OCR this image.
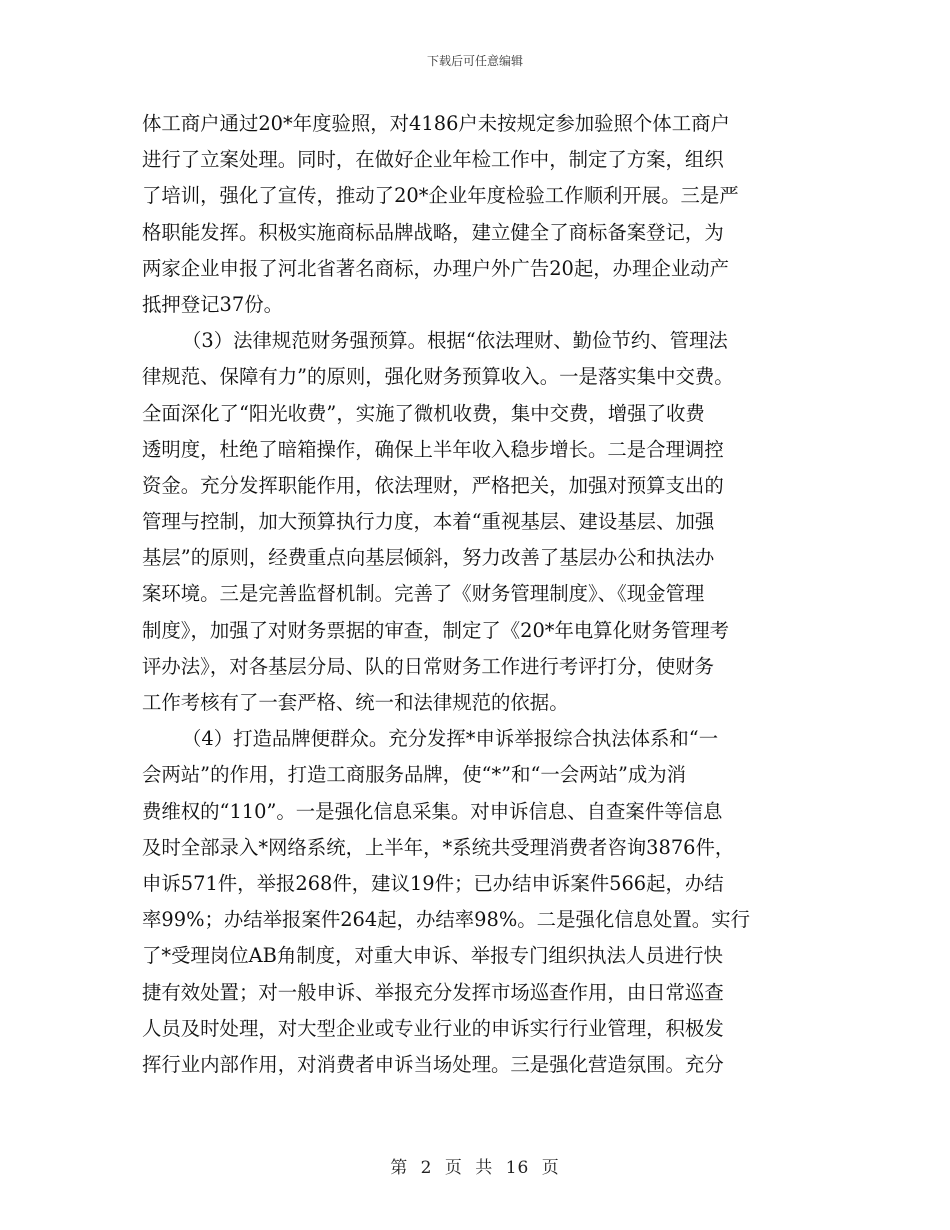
下载后可任意编辑
体工商户通过20*年度验照，对4186户未按规定参加验照个体工商户
进行了立案处理。同时，在做好企业年检工作中，制定了方案，组织
了培训，强化了宣传，推动了20*企业年度检验工作顺利开展。三是严
格职能发挥。积极实施商标品牌战略，建立健全了商标备案登记，为
两家企业申报了河北省著名商标，办理户外广告20起，办理企业动产
抵押登记37份。
（3）法律规范财务强预算。根据“依法理财、勤俭节约、管理法
律规范、保障有力”的原则，强化财务预算收入。一是落实集中交费。
全面深化了“阳光收费”，实施了微机收费，集中交费，增强了收费
透明度，杜绝了暗箱操作，确保上半年收入稳步增长。二是合理调控
资金。充分发挥职能作用，依法理财，严格把关，加强对预算支出的
管理与控制，加大预算执行力度，本着“重视基层、建设基层、加强
基层”的原则，经费重点向基层倾斜，努力改善了基层办公和执法办
案环境。三是完善监督机制。完善了《财务管理制度》、《现金管理
制度》，加强了对财务票据的审查，制定了《20*年电算化财务管理考
评办法》，对各基层分局、队的日常财务工作进行考评打分，使财务
工作考核有了一套严格、统一和法律规范的依据。
（4）打造品牌便群众。充分发挥*申诉举报综合执法体系和“一
会两站”的作用，打造工商服务品牌，使“*”和“一会两站”成为消
费维权的“110”。一是强化信息采集。对申诉信息、自查案件等信息
及时全部录入*网络系统，上半年，*系统共受理消费者咨询3876件，
申诉571件，举报268件，建议19件；已办结申诉案件566起，办结
率99%；办结举报案件264起，办结率98%。二是强化信息处置。实行
了*受理岗位AB角制度，对重大申诉、举报专门组织执法人员进行快
捷有效处置；对一般申诉、举报充分发挥市场巡查作用，由日常巡查
人员及时处理，对大型企业或专业行业的申诉实行行业管理，积极发
挥行业内部作用，对消费者申诉当场处理。三是强化营造氛围。充分
第 2 页 共 16 页
